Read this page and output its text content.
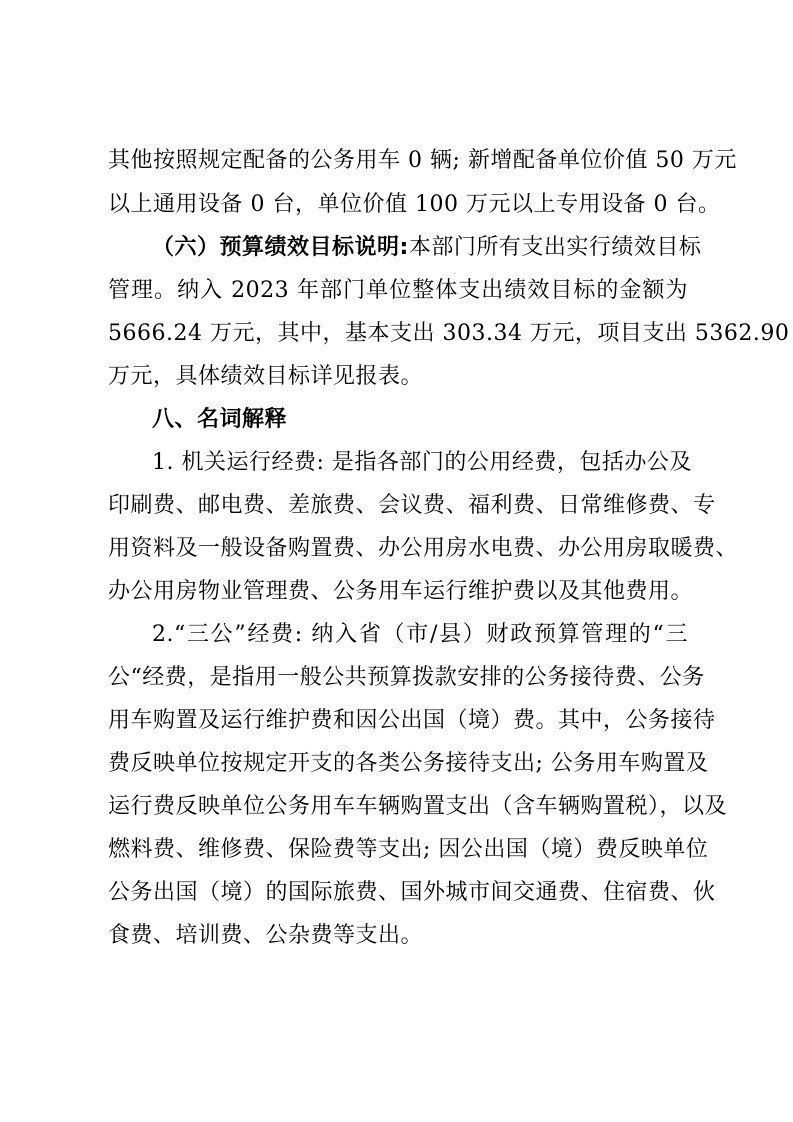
其他按照规定配备的公务用车 0 辆; 新增配备单位价值 50 万元
以上通用设备 0 台，单位价值 100 万元以上专用设备 0 台。
（六）预算绩效目标说明:本部门所有支出实行绩效目标
管理。纳入 2023 年部门单位整体支出绩效目标的金额为
5666.24 万元，其中，基本支出 303.34 万元，项目支出 5362.90
万元，具体绩效目标详见报表。
八、名词解释
1. 机关运行经费: 是指各部门的公用经费，包括办公及
印刷费、邮电费、差旅费、会议费、福利费、日常维修费、专
用资料及一般设备购置费、办公用房水电费、办公用房取暖费、
办公用房物业管理费、公务用车运行维护费以及其他费用。
2.“三公”经费: 纳入省（市/县）财政预算管理的“三
公“经费，是指用一般公共预算拨款安排的公务接待费、公务
用车购置及运行维护费和因公出国（境）费。其中，公务接待
费反映单位按规定开支的各类公务接待支出; 公务用车购置及
运行费反映单位公务用车车辆购置支出（含车辆购置税），以及
燃料费、维修费、保险费等支出; 因公出国（境）费反映单位
公务出国（境）的国际旅费、国外城市间交通费、住宿费、伙
食费、培训费、公杂费等支出。
